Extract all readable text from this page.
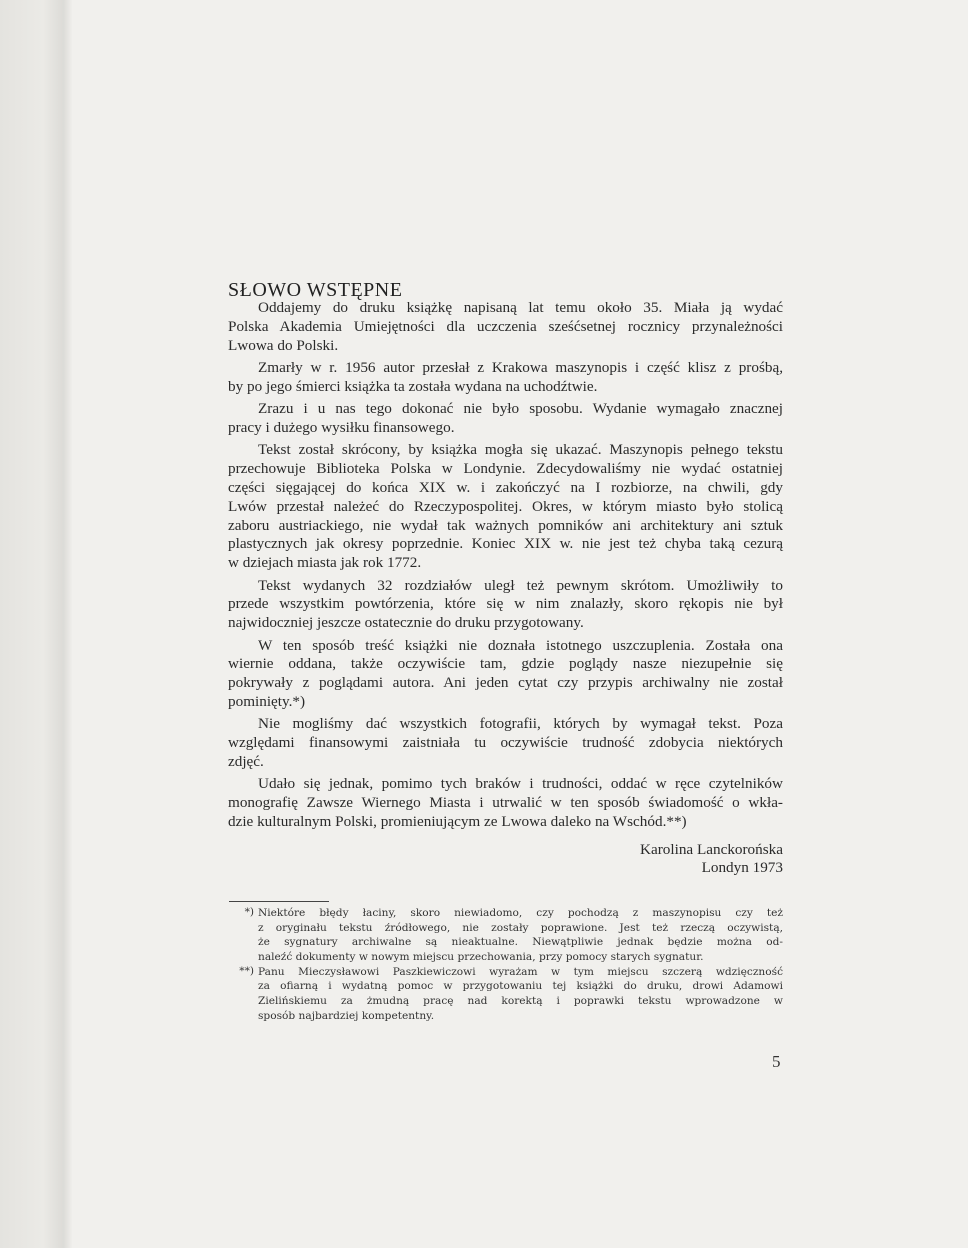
SŁOWO WSTĘPNE
Oddajemy do druku książkę napisaną lat temu około 35. Miała ją wydać
Polska Akademia Umiejętności dla uczczenia sześćsetnej rocznicy przynależności
Lwowa do Polski.
Zmarły w r. 1956 autor przesłał z Krakowa maszynopis i część klisz z prośbą,
by po jego śmierci książka ta została wydana na uchodźtwie.
Zrazu i u nas tego dokonać nie było sposobu. Wydanie wymagało znacznej
pracy i dużego wysiłku finansowego.
Tekst został skrócony, by książka mogła się ukazać. Maszynopis pełnego tekstu
przechowuje Biblioteka Polska w Londynie. Zdecydowaliśmy nie wydać ostatniej
części sięgającej do końca XIX w. i zakończyć na I rozbiorze, na chwili, gdy
Lwów przestał należeć do Rzeczypospolitej. Okres, w którym miasto było stolicą
zaboru austriackiego, nie wydał tak ważnych pomników ani architektury ani sztuk
plastycznych jak okresy poprzednie. Koniec XIX w. nie jest też chyba taką cezurą
w dziejach miasta jak rok 1772.
Tekst wydanych 32 rozdziałów uległ też pewnym skrótom. Umożliwiły to
przede wszystkim powtórzenia, które się w nim znalazły, skoro rękopis nie był
najwidoczniej jeszcze ostatecznie do druku przygotowany.
W ten sposób treść książki nie doznała istotnego uszczuplenia. Została ona
wiernie oddana, także oczywiście tam, gdzie poglądy nasze niezupełnie się
pokrywały z poglądami autora. Ani jeden cytat czy przypis archiwalny nie został
pominięty.*)
Nie mogliśmy dać wszystkich fotografii, których by wymagał tekst. Poza
względami finansowymi zaistniała tu oczywiście trudność zdobycia niektórych
zdjęć.
Udało się jednak, pomimo tych braków i trudności, oddać w ręce czytelników
monografię Zawsze Wiernego Miasta i utrwalić w ten sposób świadomość o wkła-
dzie kulturalnym Polski, promieniującym ze Lwowa daleko na Wschód.**)
Karolina Lanckorońska
Londyn 1973
*) Niektóre błędy łaciny, skoro niewiadomo, czy pochodzą z maszynopisu czy też
z oryginału tekstu źródłowego, nie zostały poprawione. Jest też rzeczą oczywistą,
że sygnatury archiwalne są nieaktualne. Niewątpliwie jednak będzie można od-
naleźć dokumenty w nowym miejscu przechowania, przy pomocy starych sygnatur.
**) Panu Mieczysławowi Paszkiewiczowi wyrażam w tym miejscu szczerą wdzięczność
za ofiarną i wydatną pomoc w przygotowaniu tej książki do druku, drowi Adamowi
Zielińskiemu za żmudną pracę nad korektą i poprawki tekstu wprowadzone w
sposób najbardziej kompetentny.
5
